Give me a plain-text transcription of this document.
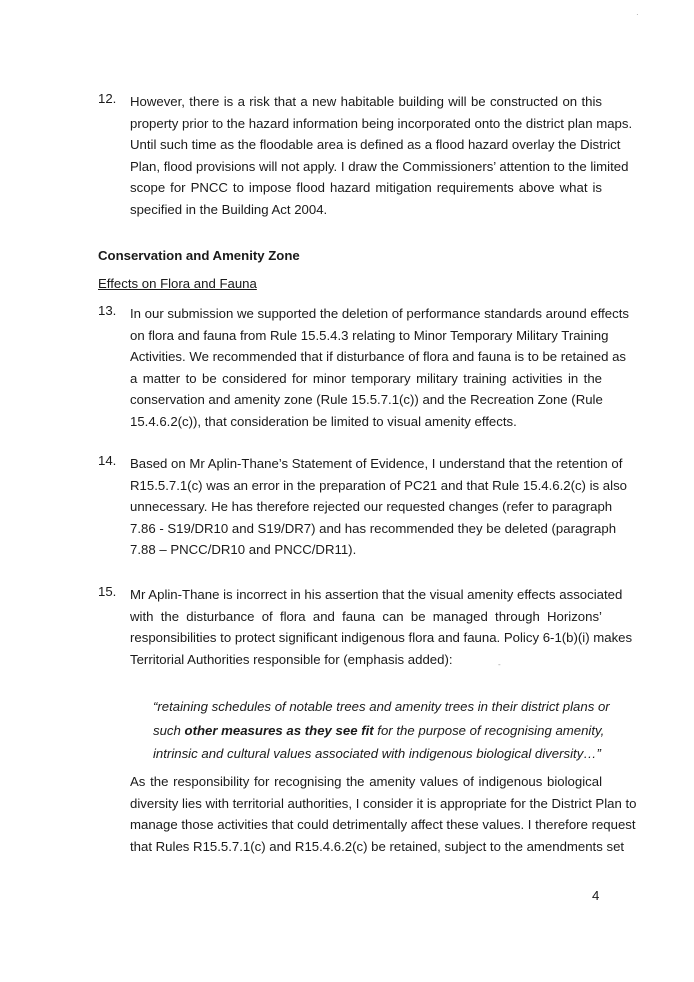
12.	However, there is a risk that a new habitable building will be constructed on this
property prior to the hazard information being incorporated onto the district plan maps.
Until such time as the floodable area is defined as a flood hazard overlay the District
Plan, flood provisions will not apply. I draw the Commissioners’ attention to the limited
scope for PNCC to impose flood hazard mitigation requirements above what is
specified in the Building Act 2004.
Conservation and Amenity Zone
Effects on Flora and Fauna
13.	In our submission we supported the deletion of performance standards around effects
on flora and fauna from Rule 15.5.4.3 relating to Minor Temporary Military Training
Activities. We recommended that if disturbance of flora and fauna is to be retained as
a matter to be considered for minor temporary military training activities in the
conservation and amenity zone (Rule 15.5.7.1(c)) and the Recreation Zone (Rule
15.4.6.2(c)), that consideration be limited to visual amenity effects.
14.	Based on Mr Aplin-Thane’s Statement of Evidence, I understand that the retention of
R15.5.7.1(c) was an error in the preparation of PC21 and that Rule 15.4.6.2(c) is also
unnecessary. He has therefore rejected our requested changes (refer to paragraph
7.86 - S19/DR10 and S19/DR7) and has recommended they be deleted (paragraph
7.88 – PNCC/DR10 and PNCC/DR11).
15.	Mr Aplin-Thane is incorrect in his assertion that the visual amenity effects associated
with the disturbance of flora and fauna can be managed through Horizons’
responsibilities to protect significant indigenous flora and fauna. Policy 6-1(b)(i) makes
Territorial Authorities responsible for (emphasis added):
“retaining schedules of notable trees and amenity trees in their district plans or
such other measures as they see fit for the purpose of recognising amenity,
intrinsic and cultural values associated with indigenous biological diversity…”
As the responsibility for recognising the amenity values of indigenous biological
diversity lies with territorial authorities, I consider it is appropriate for the District Plan to
manage those activities that could detrimentally affect these values. I therefore request
that Rules R15.5.7.1(c) and R15.4.6.2(c) be retained, subject to the amendments set
4
·
-
